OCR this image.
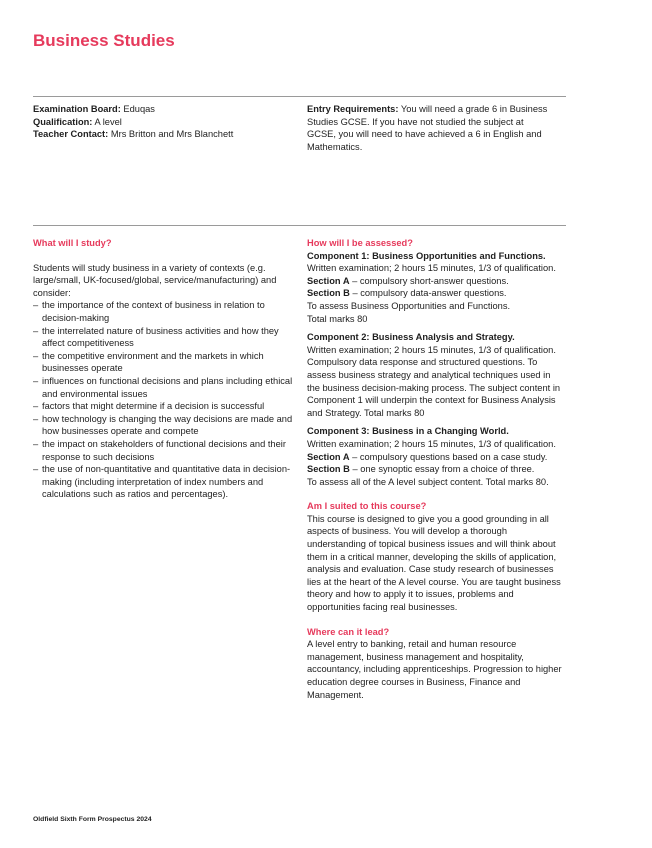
Business Studies

Examination Board: Eduqas

Qualification: A level

Teacher Contact: Mrs Britton and Mrs Blanchett

Entry Requirements: You will need a grade 6 in Business Studies GCSE. If you have not studied the subject at GCSE, you will need to have achieved a 6 in English and Mathematics.

What will I study?

Students will study business in a variety of contexts (e.g. large/small, UK-focused/global, service/manufacturing) and consider:

– the importance of the context of business in relation to decision-making
– the interrelated nature of business activities and how they affect competitiveness
– the competitive environment and the markets in which businesses operate
– influences on functional decisions and plans including ethical and environmental issues
– factors that might determine if a decision is successful
– how technology is changing the way decisions are made and how businesses operate and compete
– the impact on stakeholders of functional decisions and their response to such decisions
– the use of non-quantitative and quantitative data in decision-making (including interpretation of index numbers and calculations such as ratios and percentages).

How will I be assessed?

Component 1: Business Opportunities and Functions.

Written examination; 2 hours 15 minutes, 1/3 of qualification.

Section A – compulsory short-answer questions.

Section B – compulsory data-answer questions.

To assess Business Opportunities and Functions.

Total marks 80

Component 2: Business Analysis and Strategy.

Written examination; 2 hours 15 minutes, 1/3 of qualification. Compulsory data response and structured questions. To assess business strategy and analytical techniques used in the business decision-making process. The subject content in Component 1 will underpin the context for Business Analysis and Strategy. Total marks 80

Component 3: Business in a Changing World.

Written examination; 2 hours 15 minutes, 1/3 of qualification.

Section A – compulsory questions based on a case study.

Section B – one synoptic essay from a choice of three.

To assess all of the A level subject content. Total marks 80.

Am I suited to this course?

This course is designed to give you a good grounding in all aspects of business. You will develop a thorough understanding of topical business issues and will think about them in a critical manner, developing the skills of application, analysis and evaluation. Case study research of businesses lies at the heart of the A level course. You are taught business theory and how to apply it to issues, problems and opportunities facing real businesses.

Where can it lead?

A level entry to banking, retail and human resource management, business management and hospitality, accountancy, including apprenticeships. Progression to higher education degree courses in Business, Finance and Management.

Oldfield Sixth Form Prospectus 2024
